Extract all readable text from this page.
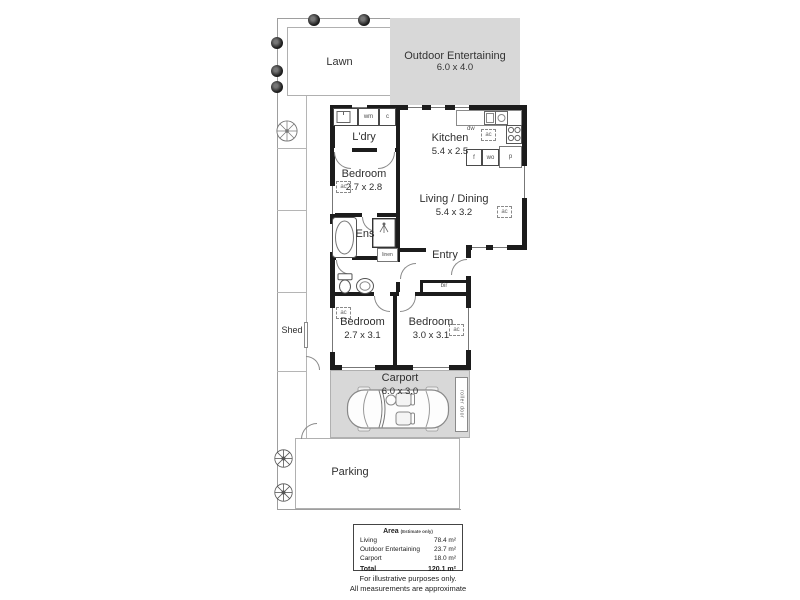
Lawn	Outdoor Entertaining
6.0 x 4.0
Shed
Parking
Carport
6.0 x 3.0	roller door
wm c
dw
ac
f wo p
linen
bir
ac
ac
ac
ac
L'dry	Kitchen
5.4 x 2.5
Bedroom
2.7 x 2.8
Living / Dining
5.4 x 3.2
Ens
Entry
Bedroom
2.7 x 3.1
Bedroom
3.0 x 3.1
Area (Estimate only)
Living	78.4 m²
Outdoor Entertaining 23.7 m²
Carport	18.0 m²
Total	120.1 m²
For illustrative purposes only.
All measurements are approximate
